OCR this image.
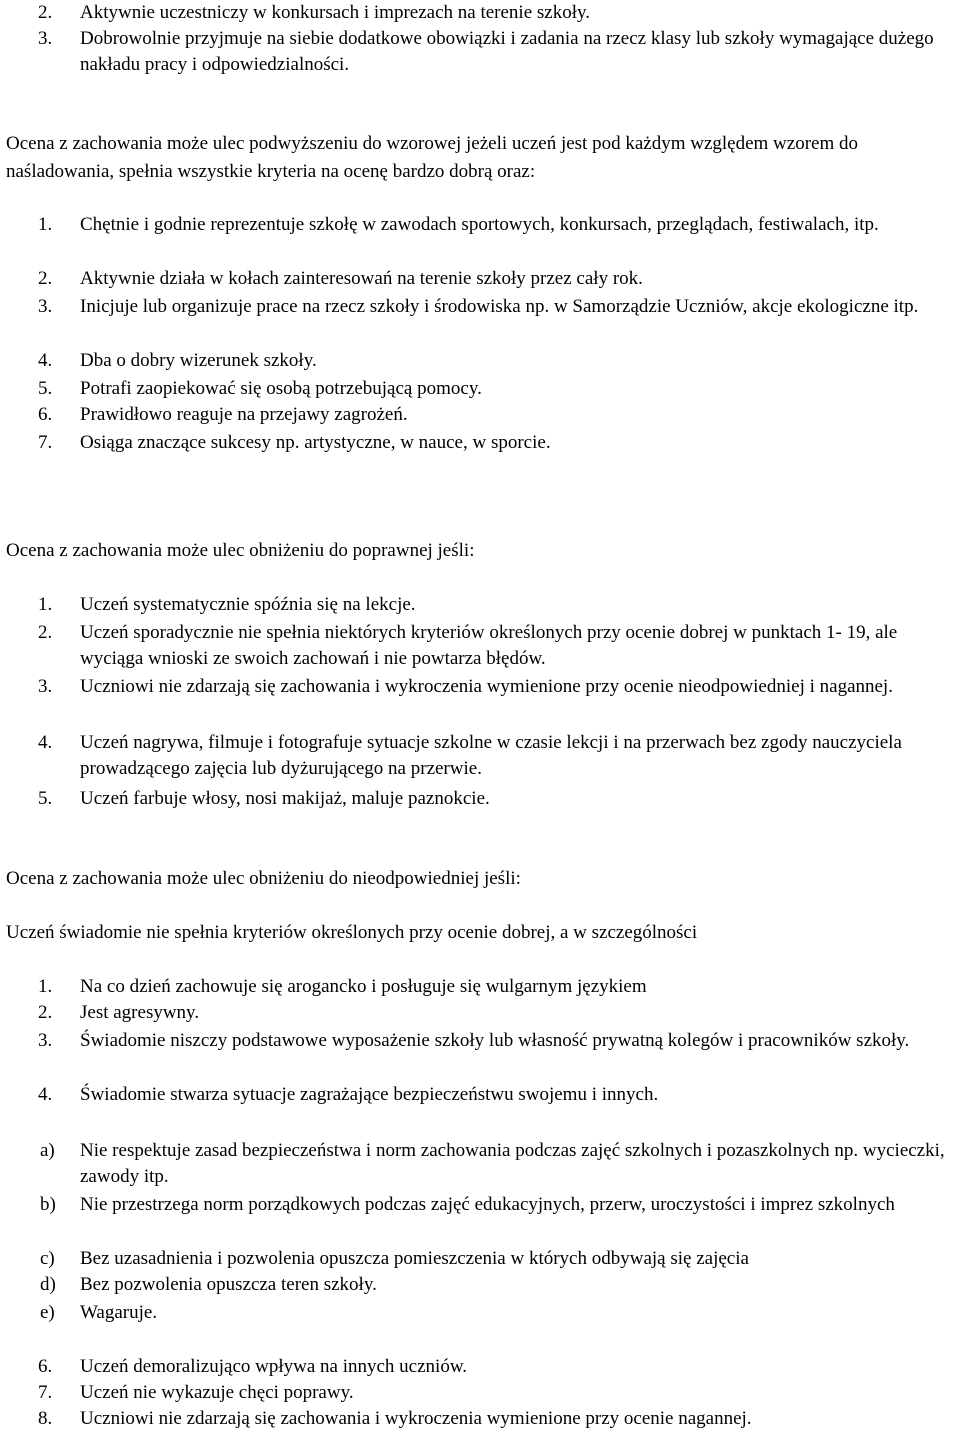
2.	Aktywnie uczestniczy w konkursach i imprezach na terenie szkoły.
3.	Dobrowolnie przyjmuje na siebie dodatkowe obowiązki i zadania na rzecz klasy lub szkoły wymagające dużego nakładu pracy i odpowiedzialności.
Ocena z zachowania może ulec podwyższeniu do wzorowej jeżeli uczeń jest pod każdym względem wzorem do naśladowania, spełnia wszystkie kryteria na ocenę bardzo dobrą oraz:
1.	Chętnie i godnie reprezentuje szkołę w zawodach sportowych, konkursach, przeglądach, festiwalach, itp.
2.	Aktywnie działa w kołach zainteresowań na terenie szkoły przez cały rok.
3.	Inicjuje lub organizuje prace na rzecz szkoły i środowiska np. w Samorządzie Uczniów, akcje ekologiczne itp.
4.	Dba o dobry wizerunek szkoły.
5.	Potrafi zaopiekować się osobą potrzebującą pomocy.
6.	Prawidłowo reaguje na przejawy zagrożeń.
7.	Osiąga znaczące sukcesy np. artystyczne, w nauce, w sporcie.
Ocena z zachowania może ulec obniżeniu do poprawnej jeśli:
1.	Uczeń systematycznie spóźnia się na lekcje.
2.	Uczeń sporadycznie nie spełnia niektórych kryteriów określonych przy ocenie dobrej w punktach 1- 19, ale wyciąga wnioski ze swoich zachowań i nie powtarza błędów.
3.	Uczniowi nie zdarzają się zachowania i wykroczenia wymienione przy ocenie nieodpowiedniej i nagannej.
4.	Uczeń nagrywa, filmuje i fotografuje sytuacje szkolne w czasie lekcji i na przerwach bez zgody nauczyciela prowadzącego zajęcia lub dyżurującego na przerwie.
5.	Uczeń farbuje włosy, nosi makijaż, maluje paznokcie.
Ocena z zachowania może ulec obniżeniu do nieodpowiedniej jeśli:
Uczeń świadomie nie spełnia kryteriów określonych przy ocenie dobrej, a w szczególności
1.	Na co dzień zachowuje się arogancko i posługuje się wulgarnym językiem
2.	Jest agresywny.
3.	Świadomie niszczy podstawowe wyposażenie szkoły lub własność prywatną kolegów i pracowników szkoły.
4.	Świadomie stwarza sytuacje zagrażające bezpieczeństwu swojemu i innych.
a)	Nie respektuje zasad bezpieczeństwa i norm zachowania podczas zajęć szkolnych i pozaszkolnych np. wycieczki, zawody itp.
b)	Nie przestrzega norm porządkowych podczas zajęć edukacyjnych, przerw, uroczystości i imprez szkolnych
c)	Bez uzasadnienia i pozwolenia opuszcza pomieszczenia w których odbywają się zajęcia
d)	Bez pozwolenia opuszcza teren szkoły.
e)	Wagaruje.
6.	Uczeń demoralizująco wpływa na innych uczniów.
7.	Uczeń nie wykazuje chęci poprawy.
8.	Uczniowi nie zdarzają się zachowania i wykroczenia wymienione przy ocenie nagannej.
